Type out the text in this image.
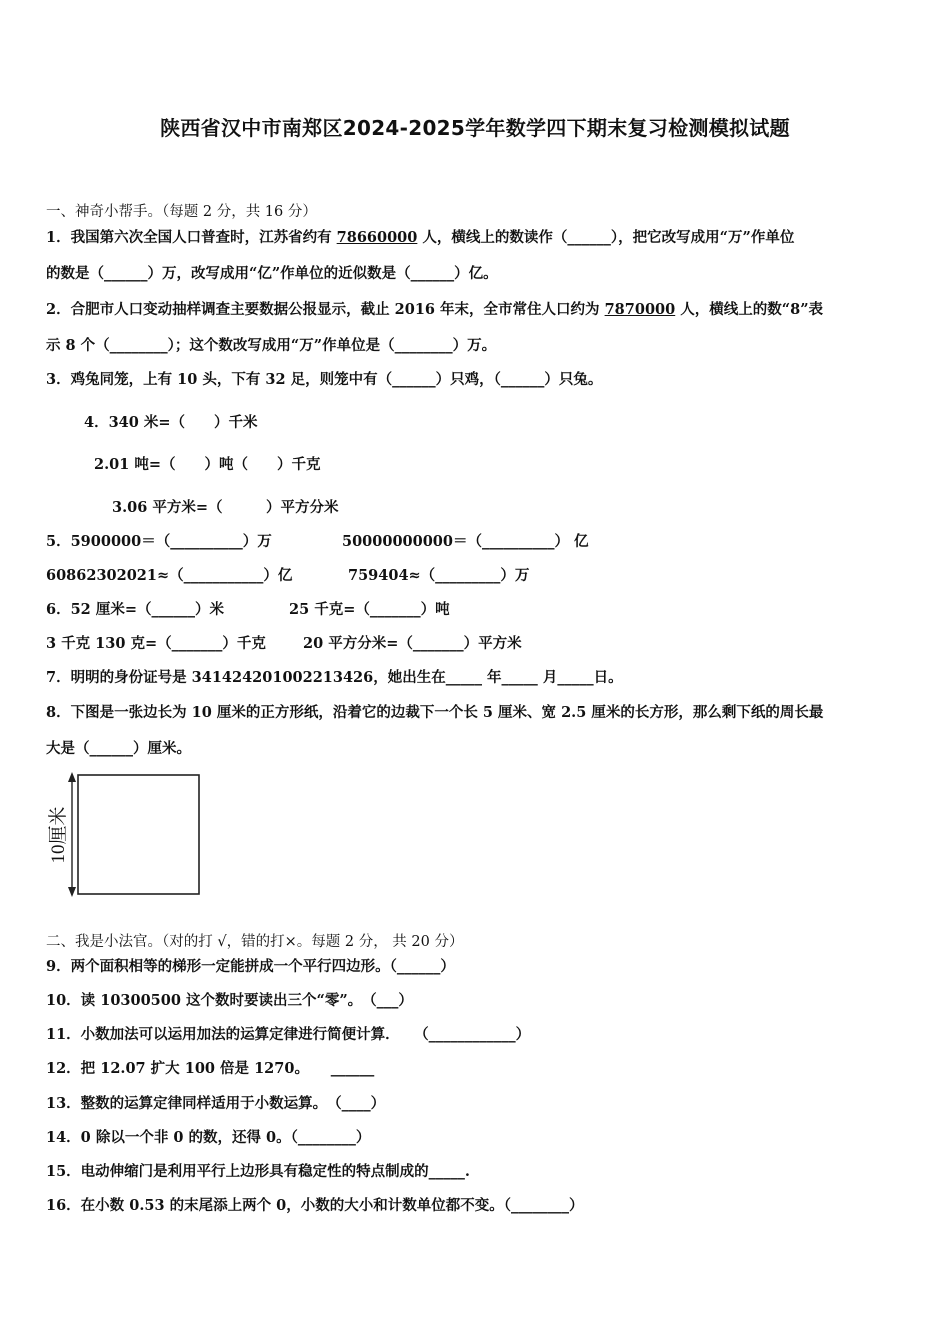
陕西省汉中市南郑区2024-2025学年数学四下期末复习检测模拟试题
一、神奇小帮手。（每题 2 分，共 16 分）
1．我国第六次全国人口普查时，江苏省约有 78660000 人，横线上的数读作（______），把它改写成用“万”作单位
的数是（______）万，改写成用“亿”作单位的近似数是（______）亿。
2．合肥市人口变动抽样调查主要数据公报显示，截止 2016 年末，全市常住人口约为 7870000 人，横线上的数“8”表
示 8 个（________）；这个数改写成用“万”作单位是（________）万。
3．鸡兔同笼，上有 10 头，下有 32 足，则笼中有（______）只鸡，（______）只兔。
4．340 米=（　　）千米
2.01 吨=（　　）吨（　　）千克
3.06 平方米=（　　　）平方分米
5．5900000＝（__________）万	50000000000＝（__________） 亿
60862302021≈（___________）亿	759404≈（_________）万
6．52 厘米=（______）米	25 千克=（_______）吨
3 千克 130 克=（_______）千克	20 平方分米=（_______）平方米
7．明明的身份证号是 341424201002213426，她出生在_____ 年_____ 月_____日。
8．下图是一张边长为 10 厘米的正方形纸，沿着它的边裁下一个长 5 厘米、宽 2.5 厘米的长方形，那么剩下纸的周长最
大是（______）厘米。
10厘米
二、我是小法官。（对的打 √，错的打×。每题 2 分， 共 20 分）
9．两个面积相等的梯形一定能拼成一个平行四边形。（______）
10．读 10300500 这个数时要读出三个“零”。　（___）
11．小数加法可以运用加法的运算定律进行简便计算．　　（____________）
12．把 12.07 扩大 100 倍是 1270。　　______
13．整数的运算定律同样适用于小数运算。　（____）
14．0 除以一个非 0 的数，还得 0。（________）
15．电动伸缩门是利用平行上边形具有稳定性的特点制成的_____.
16．在小数 0.53 的末尾添上两个 0，小数的大小和计数单位都不变。（________）
